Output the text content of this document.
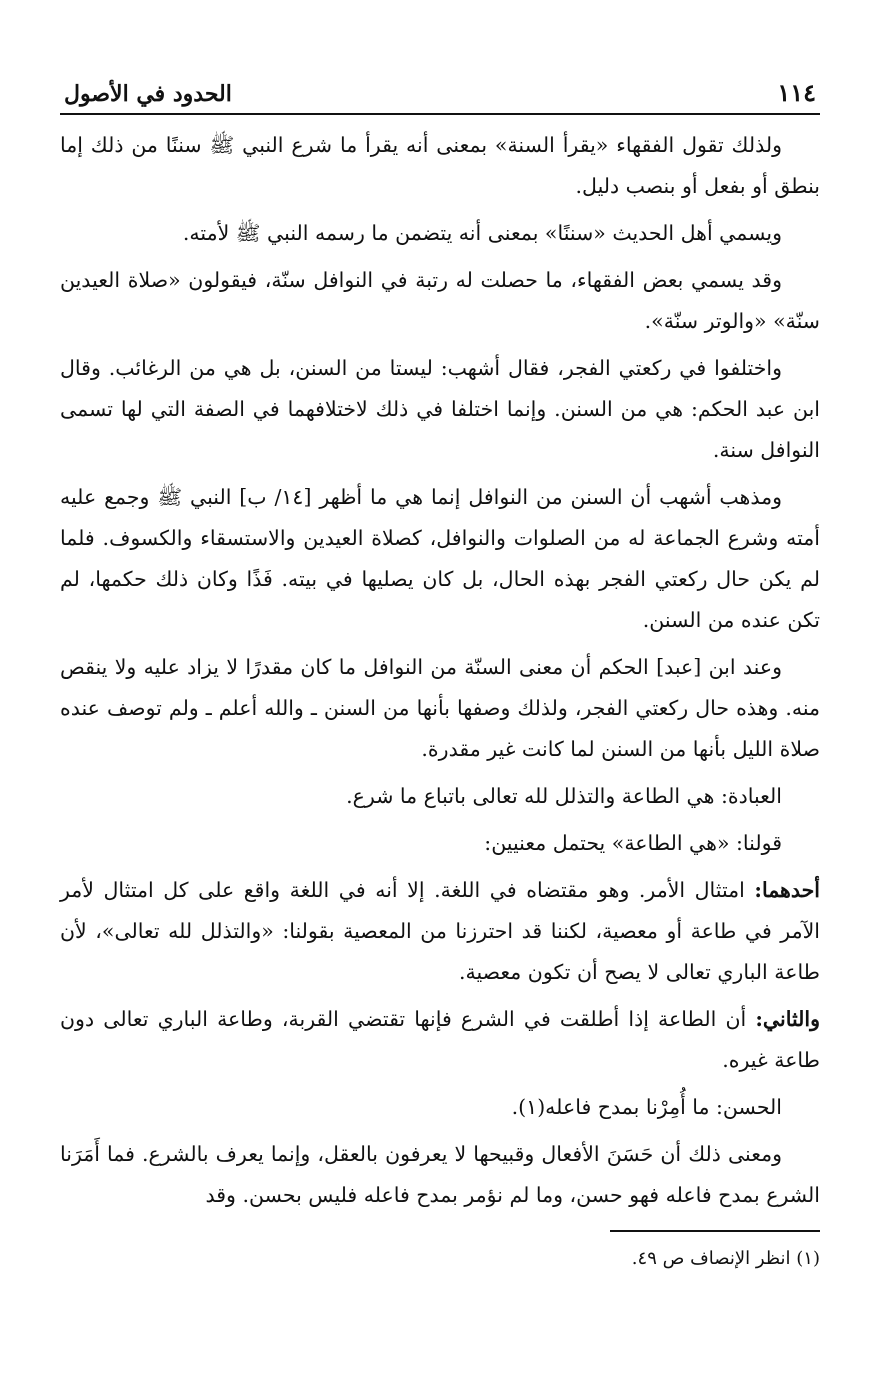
١١٤
الحدود في الأصول

ولذلك تقول الفقهاء «يقرأ السنة» بمعنى أنه يقرأ ما شرع النبي ﷺ سننًا من ذلك إما بنطق أو بفعل أو بنصب دليل.

ويسمي أهل الحديث «سننًا» بمعنى أنه يتضمن ما رسمه النبي ﷺ لأمته.

وقد يسمي بعض الفقهاء، ما حصلت له رتبة في النوافل سنّة، فيقولون «صلاة العيدين سنّة» «والوتر سنّة».

واختلفوا في ركعتي الفجر، فقال أشهب: ليستا من السنن، بل هي من الرغائب. وقال ابن عبد الحكم: هي من السنن. وإنما اختلفا في ذلك لاختلافهما في الصفة التي لها تسمى النوافل سنة.

ومذهب أشهب أن السنن من النوافل إنما هي ما أظهر [١٤/ ب] النبي ﷺ وجمع عليه أمته وشرع الجماعة له من الصلوات والنوافل، كصلاة العيدين والاستسقاء والكسوف. فلما لم يكن حال ركعتي الفجر بهذه الحال، بل كان يصليها في بيته. فَذًا وكان ذلك حكمها، لم تكن عنده من السنن.

وعند ابن [عبد] الحكم أن معنى السنّة من النوافل ما كان مقدرًا لا يزاد عليه ولا ينقص منه. وهذه حال ركعتي الفجر، ولذلك وصفها بأنها من السنن ـ والله أعلم ـ ولم توصف عنده صلاة الليل بأنها من السنن لما كانت غير مقدرة.

العبادة: هي الطاعة والتذلل لله تعالى باتباع ما شرع.

قولنا: «هي الطاعة» يحتمل معنيين:

أحدهما: امتثال الأمر. وهو مقتضاه في اللغة. إلا أنه في اللغة واقع على كل امتثال لأمر الآمر في طاعة أو معصية، لكننا قد احترزنا من المعصية بقولنا: «والتذلل لله تعالى»، لأن طاعة الباري تعالى لا يصح أن تكون معصية.

والثاني: أن الطاعة إذا أطلقت في الشرع فإنها تقتضي القربة، وطاعة الباري تعالى دون طاعة غيره.

الحسن: ما أُمِرْنا بمدح فاعله(١).

ومعنى ذلك أن حَسَنَ الأفعال وقبيحها لا يعرفون بالعقل، وإنما يعرف بالشرع. فما أَمَرَنا الشرع بمدح فاعله فهو حسن، وما لم نؤمر بمدح فاعله فليس بحسن. وقد

(١) انظر الإنصاف ص ٤٩.
